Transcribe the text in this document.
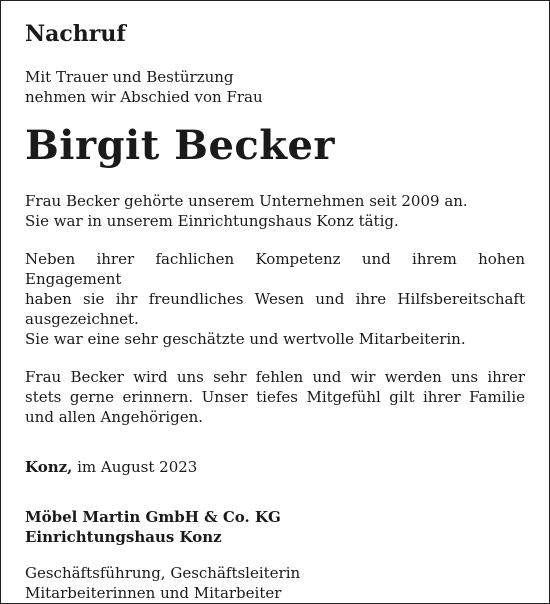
Nachruf
Mit Trauer und Bestürzung
nehmen wir Abschied von Frau
Birgit Becker
Frau Becker gehörte unserem Unternehmen seit 2009 an.
Sie war in unserem Einrichtungshaus Konz tätig.
Neben ihrer fachlichen Kompetenz und ihrem hohen Engagement
haben sie ihr freundliches Wesen und ihre Hilfsbereitschaft
ausgezeichnet.
Sie war eine sehr geschätzte und wertvolle Mitarbeiterin.
Frau Becker wird uns sehr fehlen und wir werden uns ihrer
stets gerne erinnern. Unser tiefes Mitgefühl gilt ihrer Familie
und allen Angehörigen.
Konz, im August 2023
Möbel Martin GmbH & Co. KG
Einrichtungshaus Konz
Geschäftsführung, Geschäftsleiterin
Mitarbeiterinnen und Mitarbeiter
